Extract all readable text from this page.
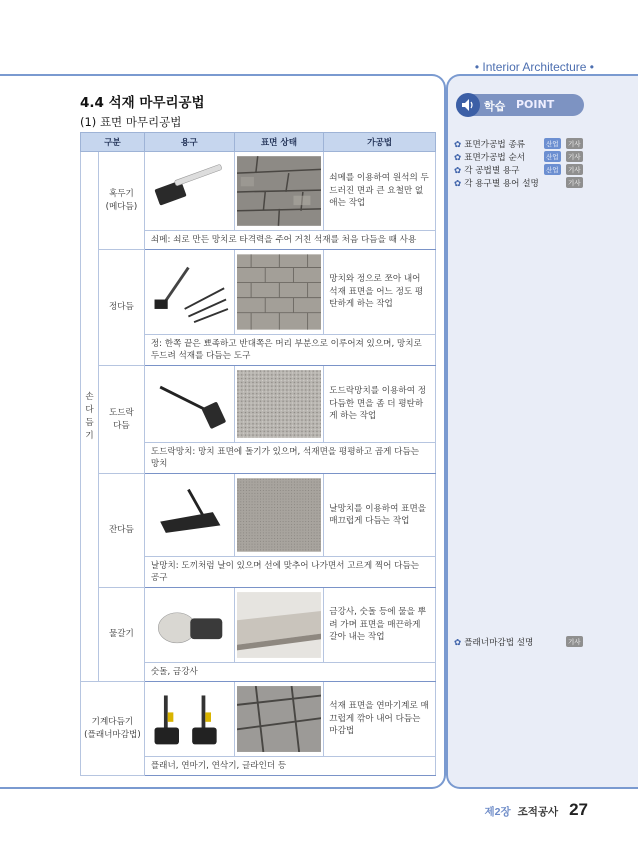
• Interior Architecture •
4.4 석재 마무리공법
(1) 표면 마무리공법
구분		용구	표면 상태	가공법
손
다
듬
기	혹두기
(메다듬)			쇠메를 이용하여 원석의 두드러진 면과 큰 요철만 없애는 작업
		쇠메: 쇠로 만든 망치로 타격력을 주어 거친 석재를 처음 다듬을 때 사용		
	정다듬			망치와 정으로 쪼아 내어 석재 표면을 어느 정도 평탄하게 하는 작업
		정: 한쪽 끝은 뾰족하고 반대쪽은 머리 부분으로 이루어져 있으며, 망치로 두드려 석재를 다듬는 도구		
	도드락
다듬			도드락망치를 이용하여 정다듬한 면을 좀 더 평탄하게 하는 작업
		도드락망치: 망치 표면에 돌기가 있으며, 석재면을 평평하고 곱게 다듬는 망치		
	잔다듬			날망치를 이용하여 표면을 매끄럽게 다듬는 작업
		날망치: 도끼처럼 날이 있으며 선에 맞추어 나가면서 고르게 찍어 다듬는 공구		
	물갈기			금강사, 숫돌 등에 물을 뿌려 가며 표면을 매끈하게 갈아 내는 작업
		숫돌, 금강사		
기계다듬기
(플래너마감법)				석재 표면을 연마기계로 매끄럽게 깎아 내어 다듬는 마감법
		플래너, 연마기, 연삭기, 글라인더 등		
학습 POINT
✿ 표면가공법 종류	산업	기사
✿ 표면가공법 순서	산업	기사
✿ 각 공법별 용구	산업	기사
✿ 각 용구별 용어 설명	기사
✿ 플래너마감법 설명	기사
제2장 조적공사 27
